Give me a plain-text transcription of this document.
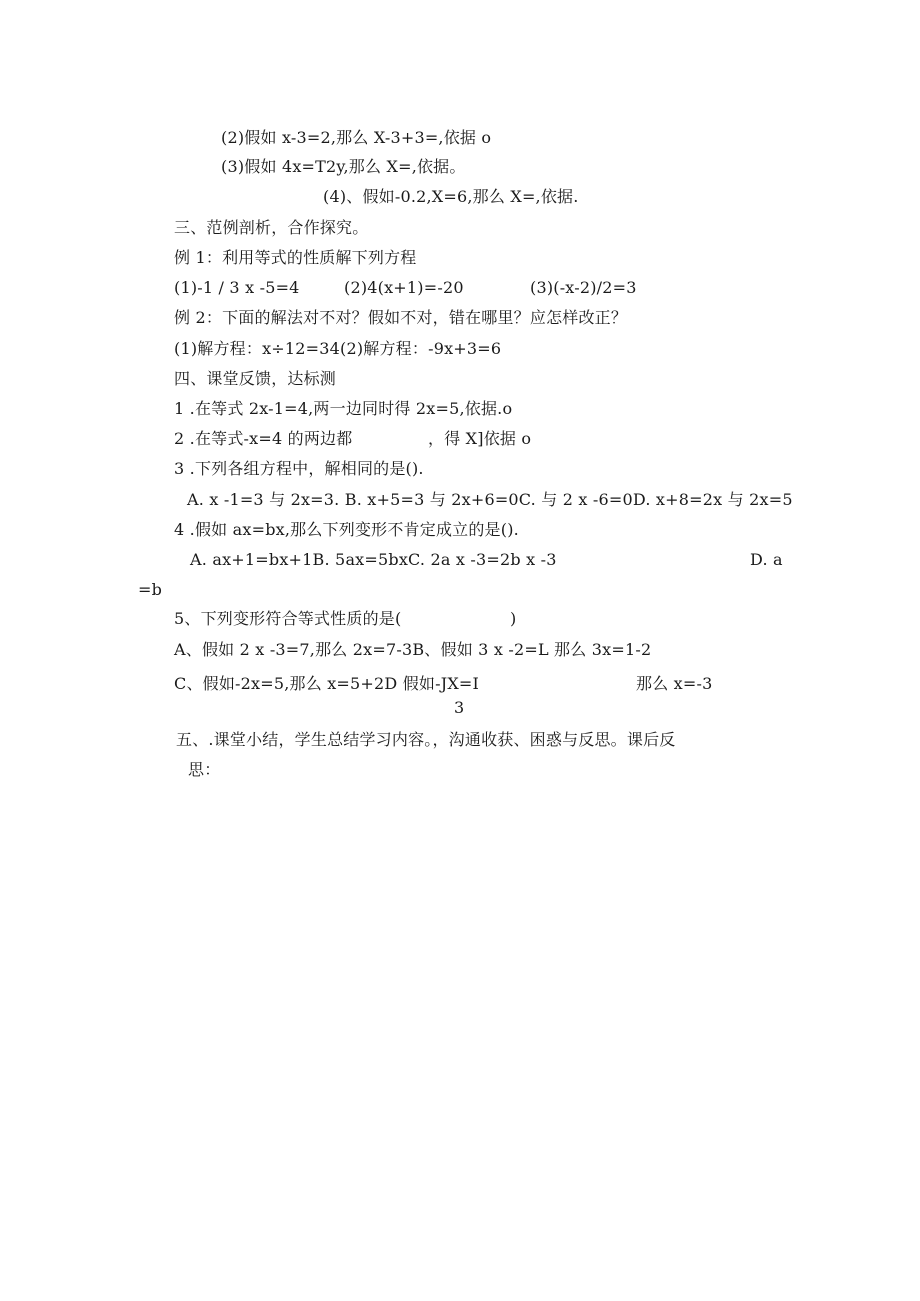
(2)假如 x-3=2,那么 X-3+3=,依据 o
(3)假如 4x=T2y,那么 X=,依据。
(4)、假如-0.2,X=6,那么 X=,依据.
三、范例剖析，合作探究。
例 1：利用等式的性质解下列方程
(1)-1 / 3 x -5=4	(2)4(x+1)=-20	(3)(-x-2)/2=3
例 2：下面的解法对不对？假如不对，错在哪里？应怎样改正？
(1)解方程：x÷12=34(2)解方程：-9x+3=6
四、课堂反馈，达标测
1 .在等式 2x-1=4,两一边同时得 2x=5,依据.o
2 .在等式-x=4 的两边都	，得 X]依据 o
3 .下列各组方程中，解相同的是().
A. x -1=3 与 2x=3. B. x+5=3 与 2x+6=0C. 与 2 x -6=0D. x+8=2x 与 2x=5
4 .假如 ax=bx,那么下列变形不肯定成立的是().
A. ax+1=bx+1B. 5ax=5bxC. 2a x -3=2b x -3	D. a
=b
5、下列变形符合等式性质的是(	)
A、假如 2 x -3=7,那么 2x=7-3B、假如 3 x -2=L 那么 3x=1-2
C、假如-2x=5,那么 x=5+2D 假如-JX=I	那么 x=-3
3
五、.课堂小结，学生总结学习内容。，沟通收获、困惑与反思。课后反
思：
